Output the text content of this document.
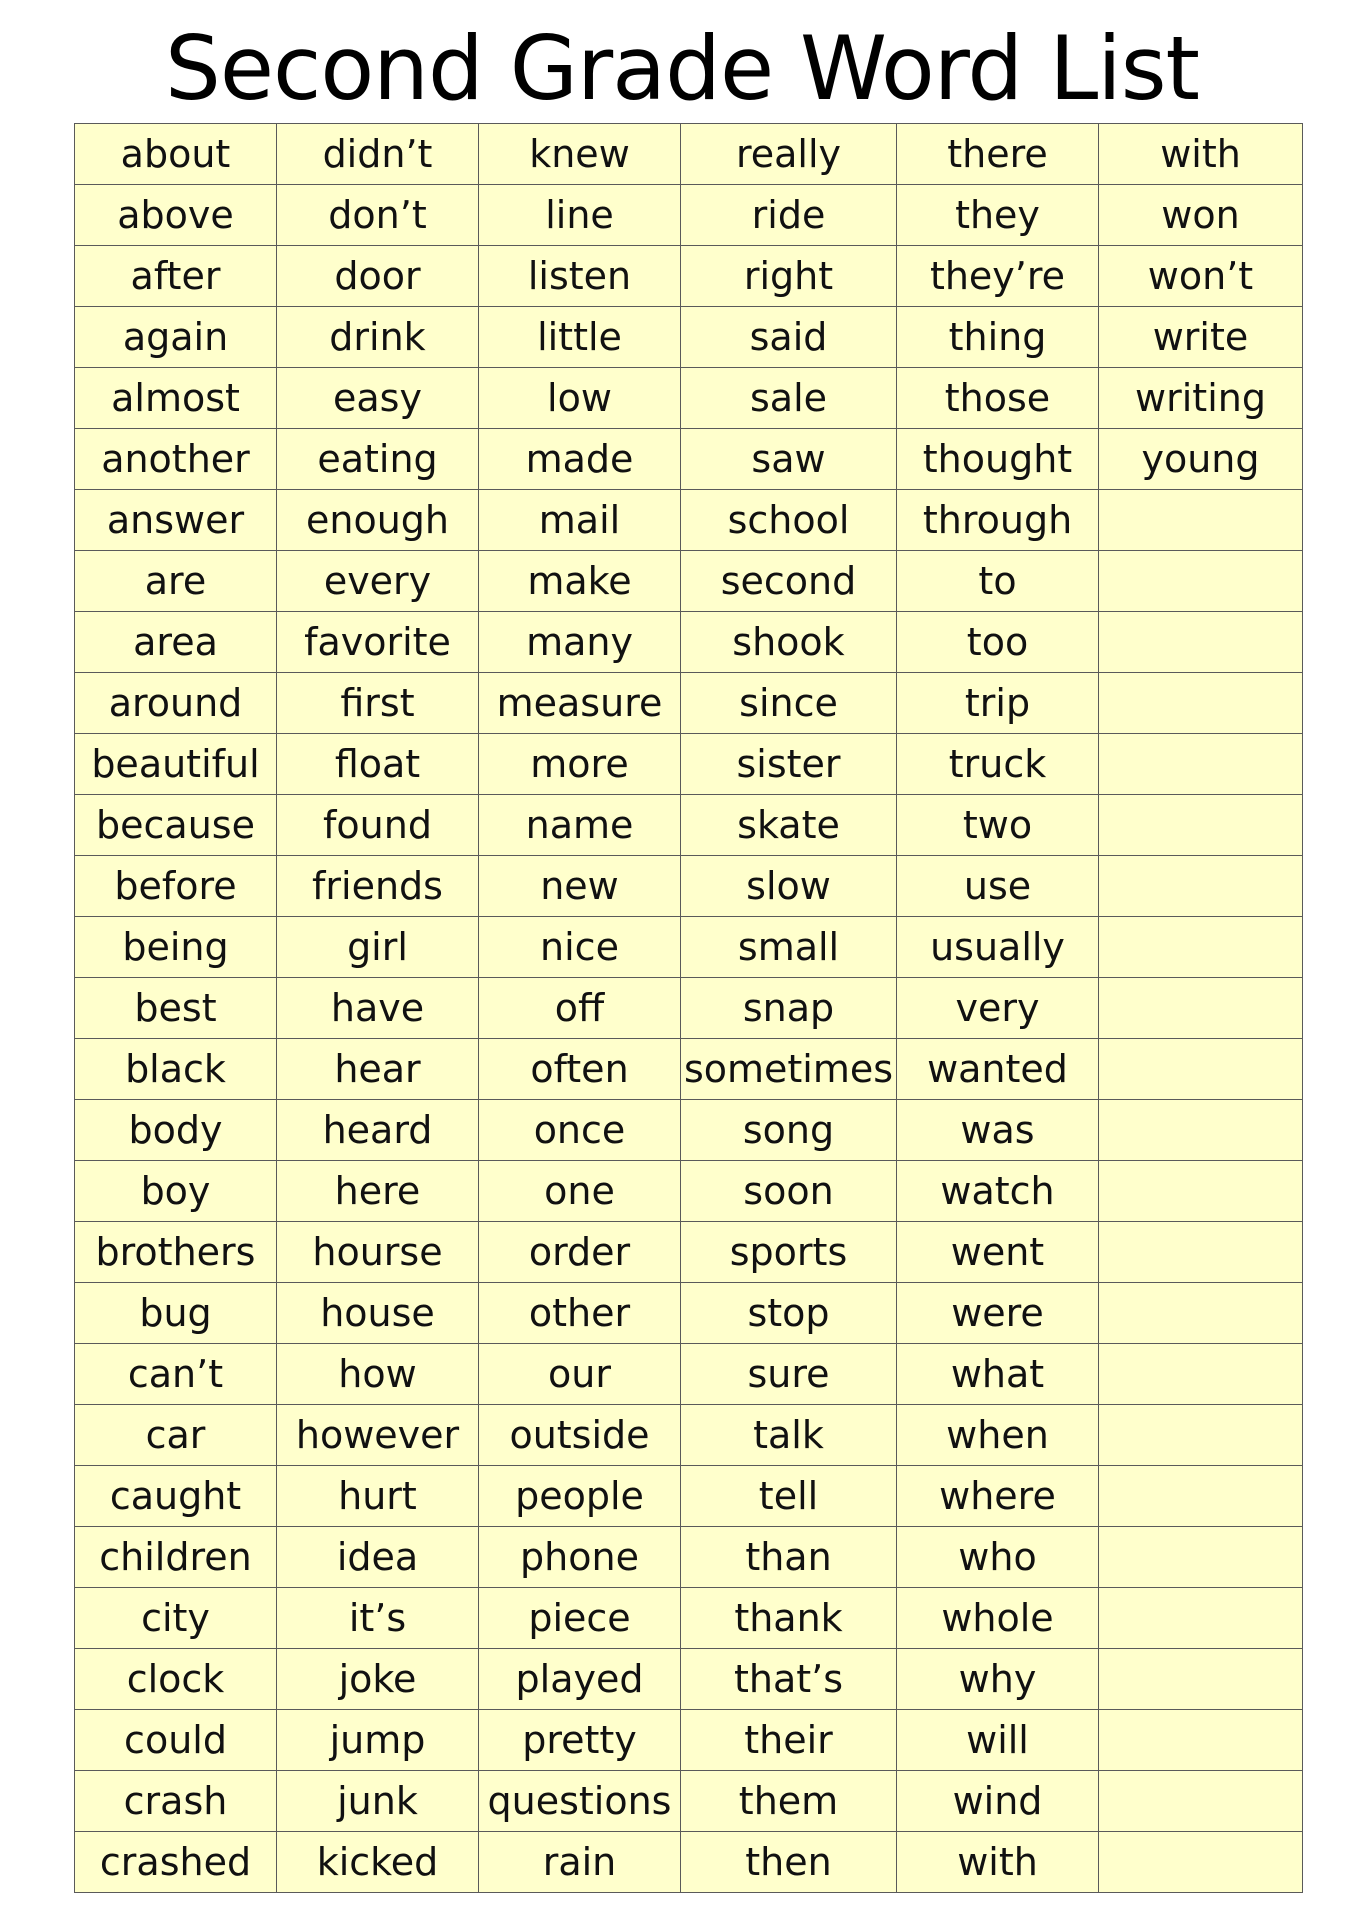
Second Grade Word List
about	didn’t	knew	really	there	with
above	don’t	line	ride	they	won
after	door	listen	right	they’re	won’t
again	drink	little	said	thing	write
almost	easy	low	sale	those	writing
another	eating	made	saw	thought	young
answer	enough	mail	school	through	
are	every	make	second	to	
area	favorite	many	shook	too	
around	first	measure	since	trip	
beautiful	float	more	sister	truck	
because	found	name	skate	two	
before	friends	new	slow	use	
being	girl	nice	small	usually	
best	have	off	snap	very	
black	hear	often	sometimes	wanted	
body	heard	once	song	was	
boy	here	one	soon	watch	
brothers	hourse	order	sports	went	
bug	house	other	stop	were	
can’t	how	our	sure	what	
car	however	outside	talk	when	
caught	hurt	people	tell	where	
children	idea	phone	than	who	
city	it’s	piece	thank	whole	
clock	joke	played	that’s	why	
could	jump	pretty	their	will	
crash	junk	questions	them	wind	
crashed	kicked	rain	then	with	
